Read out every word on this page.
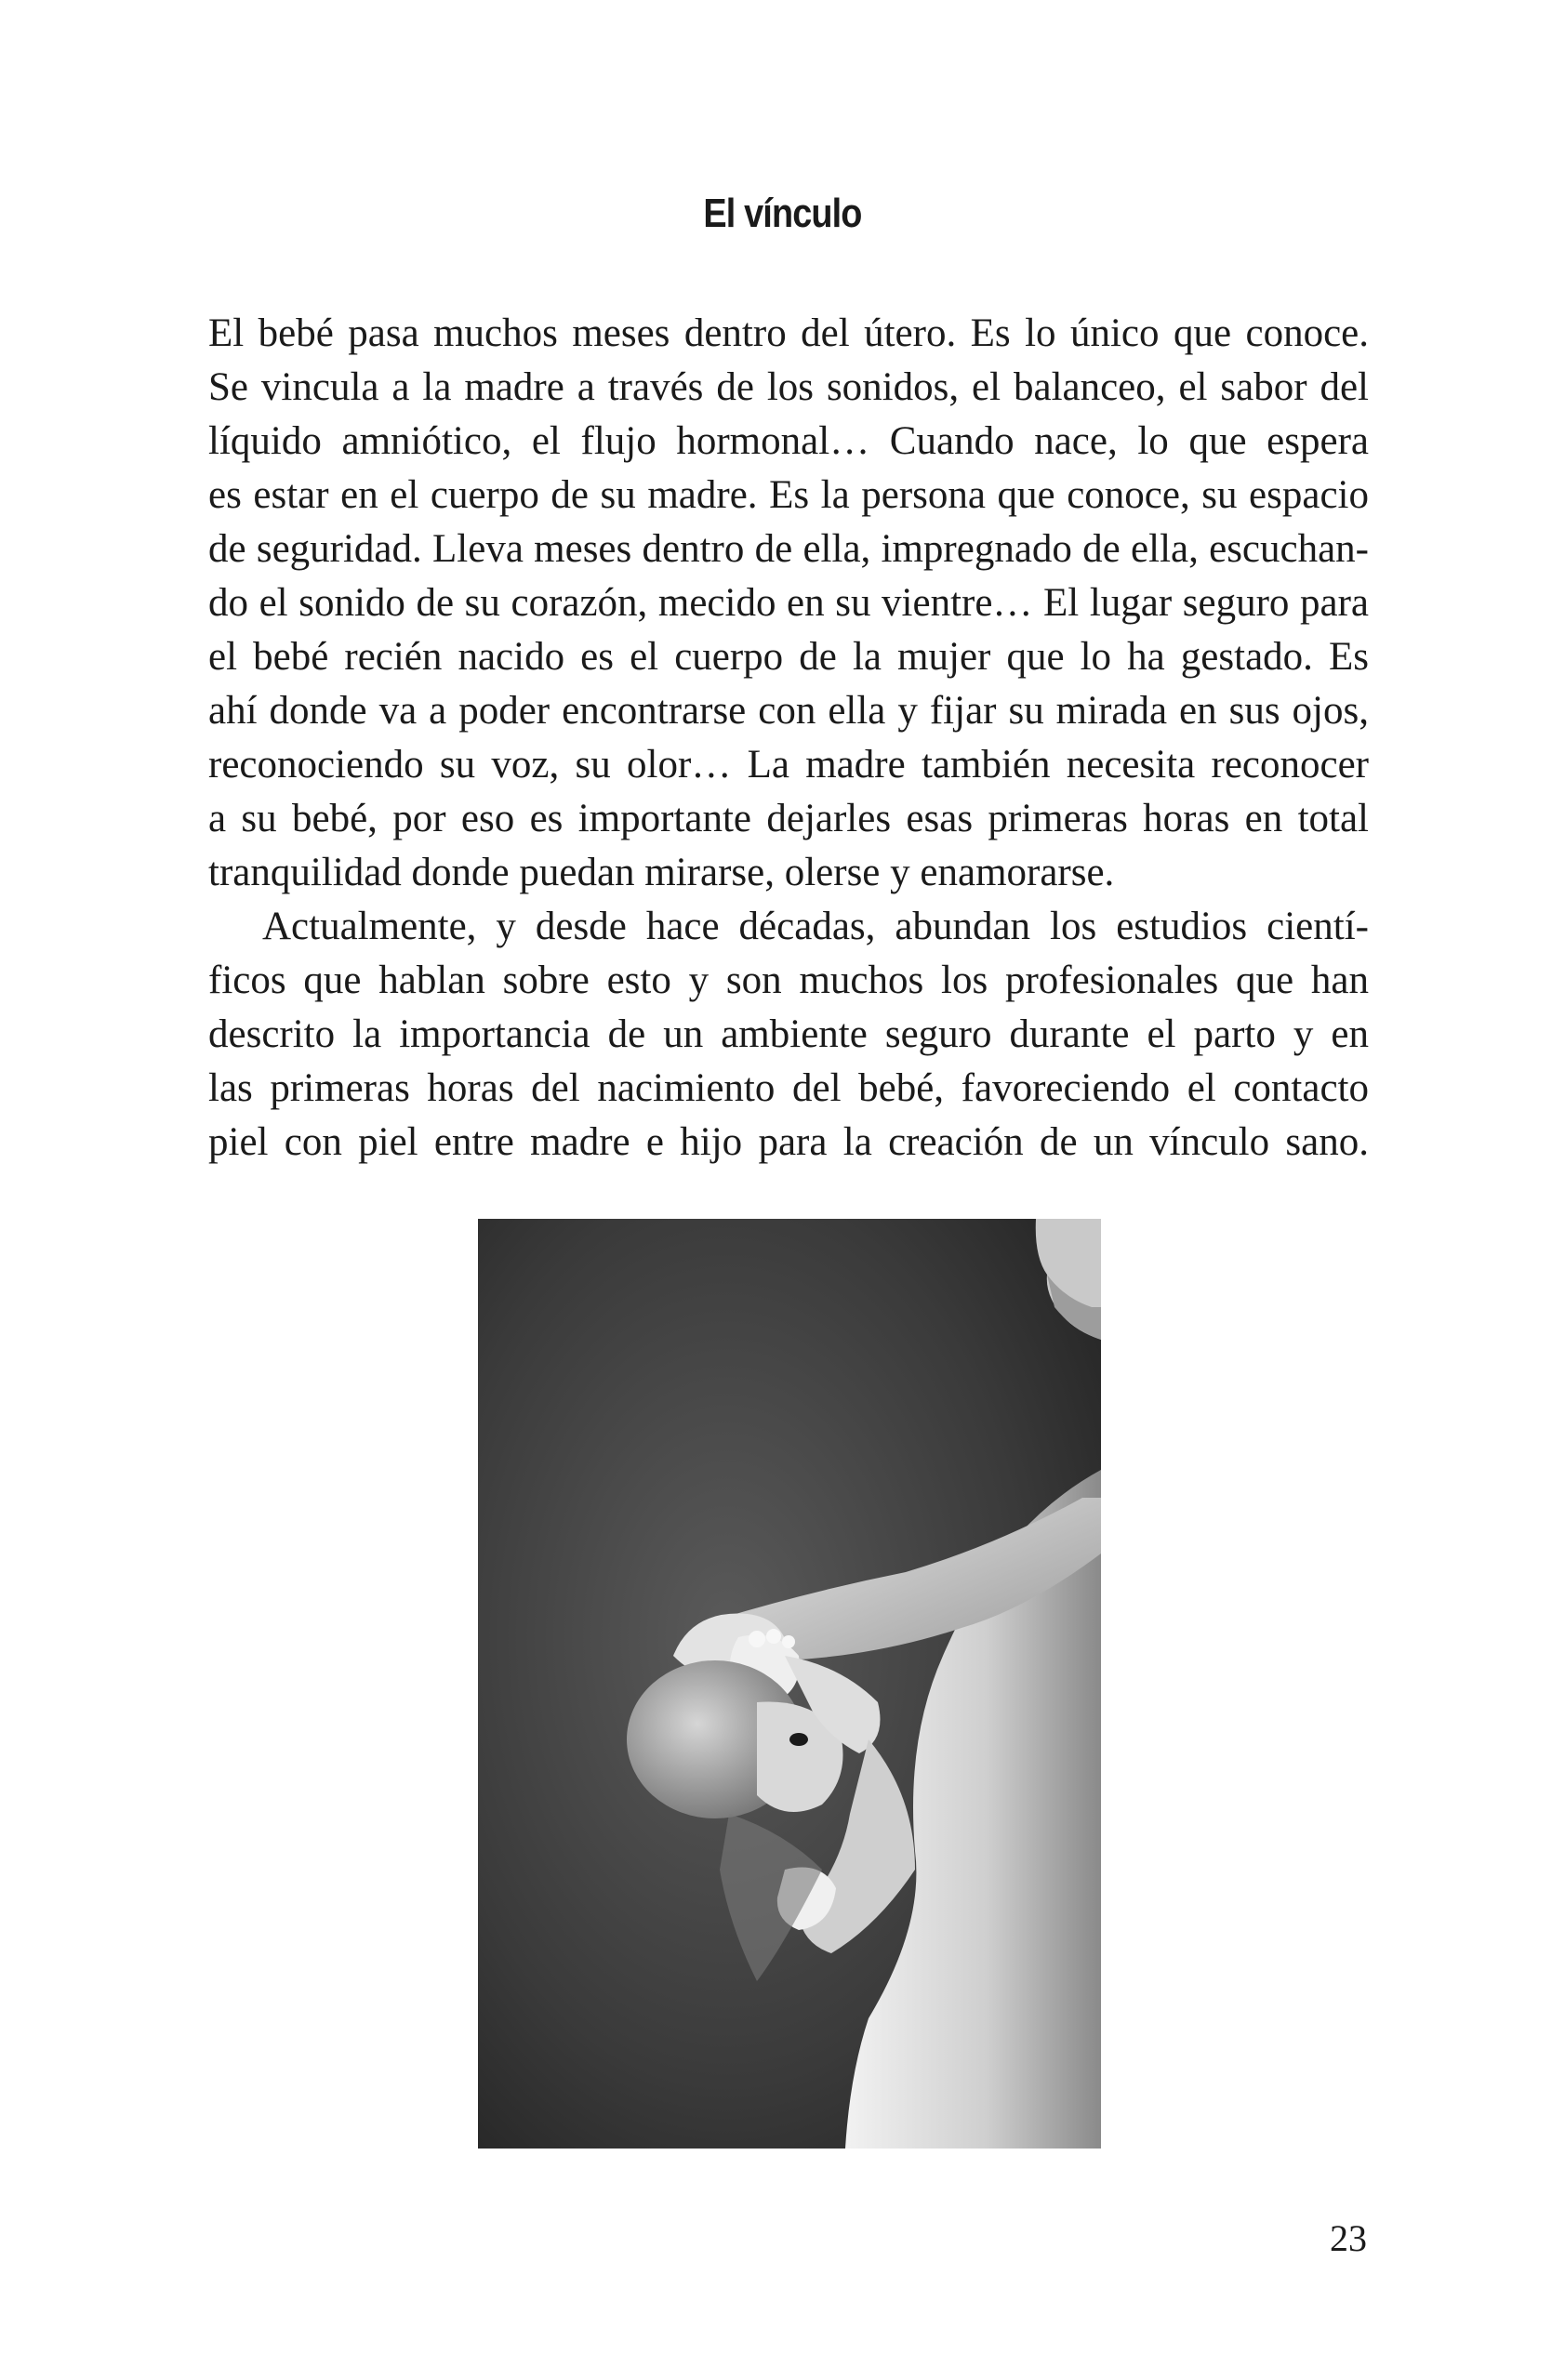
El vínculo
El bebé pasa muchos meses dentro del útero. Es lo único que conoce.
Se vincula a la madre a través de los sonidos, el balanceo, el sabor del
líquido amniótico, el flujo hormonal… Cuando nace, lo que espera
es estar en el cuerpo de su madre. Es la persona que conoce, su espacio
de seguridad. Lleva meses dentro de ella, impregnado de ella, escuchan-
do el sonido de su corazón, mecido en su vientre… El lugar seguro para
el bebé recién nacido es el cuerpo de la mujer que lo ha gestado. Es
ahí donde va a poder encontrarse con ella y fijar su mirada en sus ojos,
reconociendo su voz, su olor… La madre también necesita reconocer
a su bebé, por eso es importante dejarles esas primeras horas en total
tranquilidad donde puedan mirarse, olerse y enamorarse.
Actualmente, y desde hace décadas, abundan los estudios cientí-
ficos que hablan sobre esto y son muchos los profesionales que han
descrito la importancia de un ambiente seguro durante el parto y en
las primeras horas del nacimiento del bebé, favoreciendo el contacto
piel con piel entre madre e hijo para la creación de un vínculo sano.
23
